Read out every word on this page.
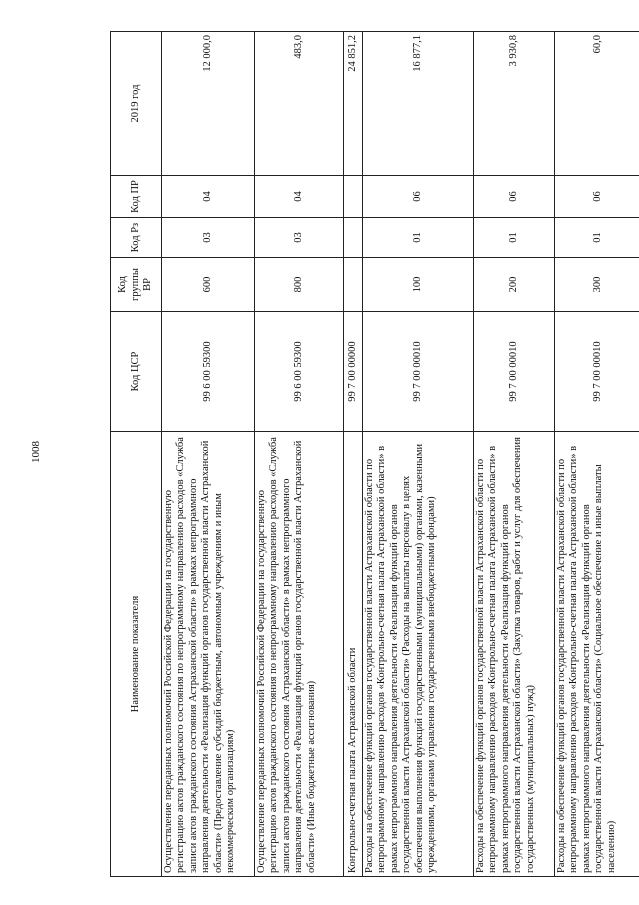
1008
Наименование показателя	Код ЦСР	Код группы ВР	Код Рз	Код ПР	2019 год
Осуществление переданных полномочий Российской Федерации на государственную регистрацию актов гражданского состояния по непрограммному направлению расходов «Служба записи актов гражданского состояния Астраханской области» в рамках непрограммного направления деятельности «Реализация функций органов государственной власти Астраханской области» (Предоставление субсидий бюджетным, автономным учреждениям и иным некоммерческим организациям)	99 6 00 59300	600	03	04	12 000,0
Осуществление переданных полномочий Российской Федерации на государственную регистрацию актов гражданского состояния по непрограммному направлению расходов «Служба записи актов гражданского состояния Астраханской области» в рамках непрограммного направления деятельности «Реализация функций органов государственной власти Астраханской области» (Иные бюджетные ассигнования)	99 6 00 59300	800	03	04	483,0
Контрольно-счетная палата Астраханской области	99 7 00 00000				24 851,2
Расходы на обеспечение функций органов государственной власти Астраханской области по непрограммному направлению расходов «Контрольно-счетная палата Астраханской области» в рамках непрограммного направления деятельности «Реализация функций органов государственной власти Астраханской области» (Расходы на выплаты персоналу в целях обеспечения выполнения функций государственными (муниципальными) органами, казенными учреждениями, органами управления государственными внебюджетными фондами)	99 7 00 00010	100	01	06	16 877,1
Расходы на обеспечение функций органов государственной власти Астраханской области по непрограммному направлению расходов «Контрольно-счетная палата Астраханской области» в рамках непрограммного направления деятельности «Реализация функций органов государственной власти Астраханской области» (Закупка товаров, работ и услуг для обеспечения государственных (муниципальных) нужд)	99 7 00 00010	200	01	06	3 930,8
Расходы на обеспечение функций органов государственной власти Астраханской области по непрограммному направлению расходов «Контрольно-счетная палата Астраханской области» в рамках непрограммного направления деятельности «Реализация функций органов государственной власти Астраханской области» (Социальное обеспечение и иные выплаты населению)	99 7 00 00010	300	01	06	60,0
